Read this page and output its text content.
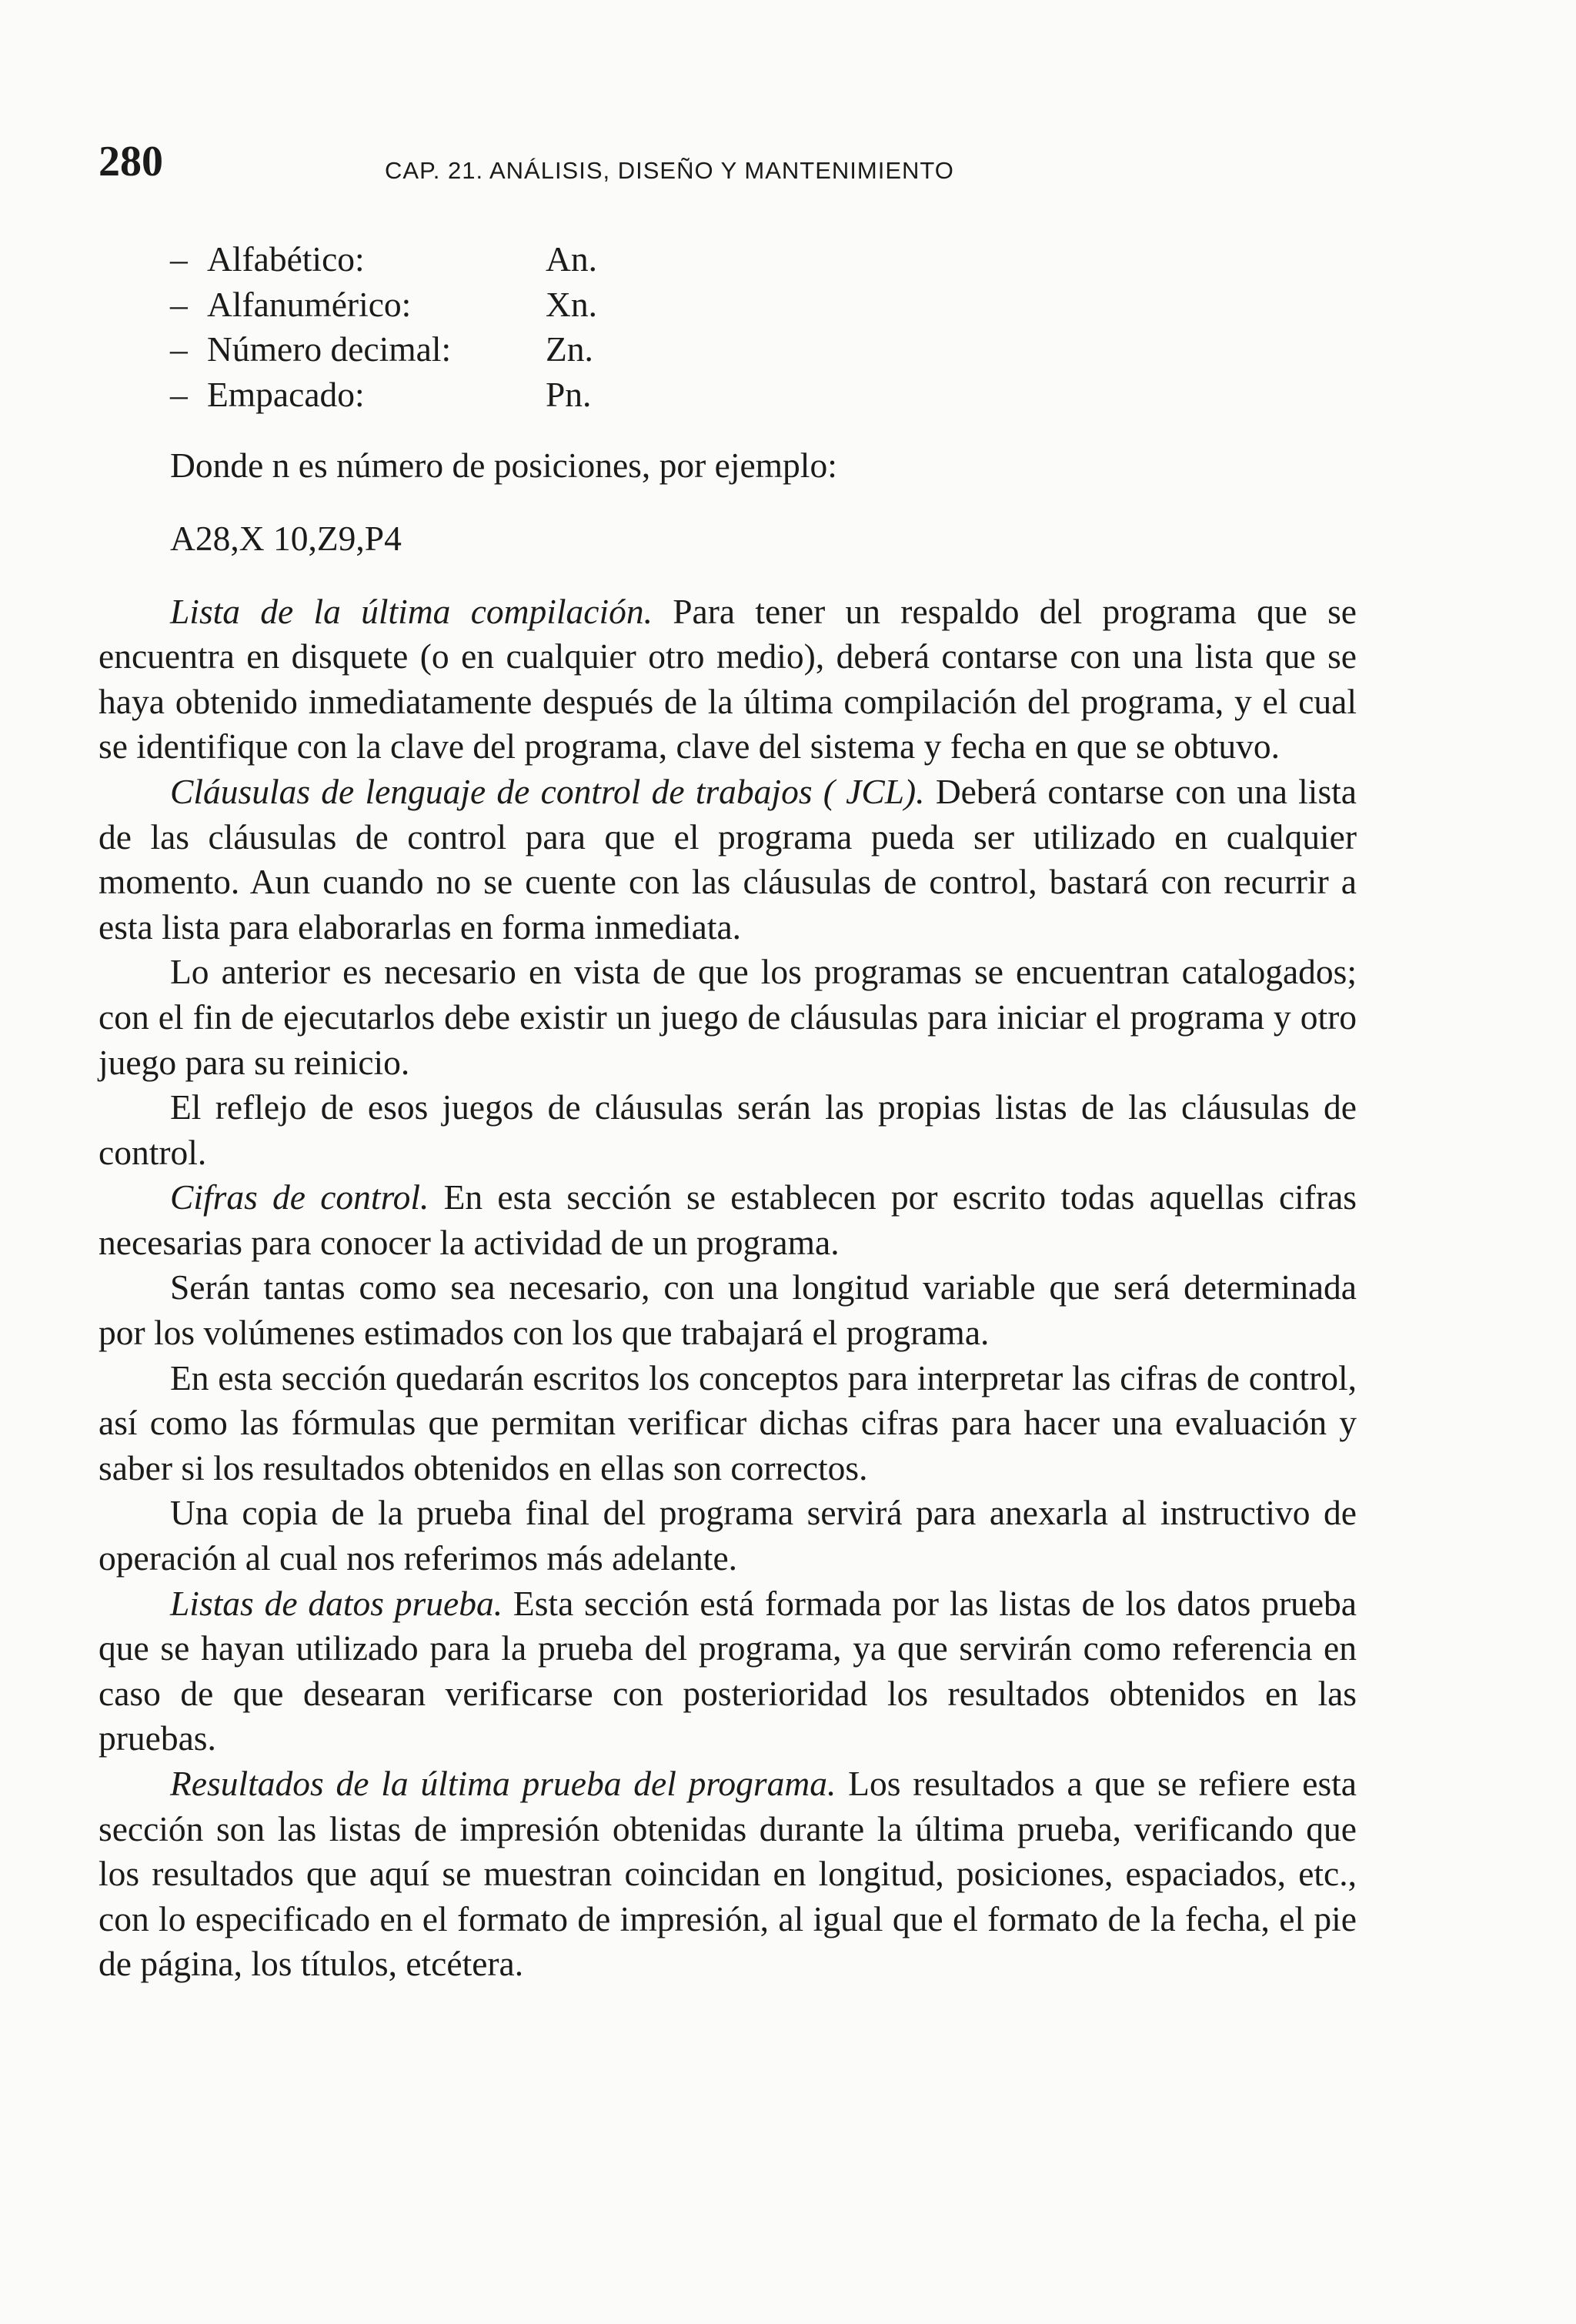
280	CAP. 21. ANÁLISIS, DISEÑO Y MANTENIMIENTO
– Alfabético:	An.
– Alfanumérico:	Xn.
– Número decimal:	Zn.
– Empacado:	Pn.
Donde n es número de posiciones, por ejemplo:
A28,X 10,Z9,P4

Lista de la última compilación. Para tener un respaldo del programa que se encuentra en disquete (o en cualquier otro medio), deberá contarse con una lista que se haya obtenido inmediatamente después de la última compilación del programa, y el cual se identifique con la clave del programa, clave del sistema y fecha en que se obtuvo.

Cláusulas de lenguaje de control de trabajos ( JCL). Deberá contarse con una lista de las cláusulas de control para que el programa pueda ser utilizado en cualquier momento. Aun cuando no se cuente con las cláusulas de control, bastará con recurrir a esta lista para elaborarlas en forma inmediata.

Lo anterior es necesario en vista de que los programas se encuentran catalogados; con el fin de ejecutarlos debe existir un juego de cláusulas para iniciar el programa y otro juego para su reinicio.

El reflejo de esos juegos de cláusulas serán las propias listas de las cláusulas de control.

Cifras de control. En esta sección se establecen por escrito todas aquellas cifras necesarias para conocer la actividad de un programa.

Serán tantas como sea necesario, con una longitud variable que será determinada por los volúmenes estimados con los que trabajará el programa.

En esta sección quedarán escritos los conceptos para interpretar las cifras de control, así como las fórmulas que permitan verificar dichas cifras para hacer una evaluación y saber si los resultados obtenidos en ellas son correctos.

Una copia de la prueba final del programa servirá para anexarla al instructivo de operación al cual nos referimos más adelante.

Listas de datos prueba. Esta sección está formada por las listas de los datos prueba que se hayan utilizado para la prueba del programa, ya que servirán como referencia en caso de que desearan verificarse con posterioridad los resultados obtenidos en las pruebas.

Resultados de la última prueba del programa. Los resultados a que se refiere esta sección son las listas de impresión obtenidas durante la última prueba, verificando que los resultados que aquí se muestran coincidan en longitud, posiciones, espaciados, etc., con lo especificado en el formato de impresión, al igual que el formato de la fecha, el pie de página, los títulos, etcétera.
